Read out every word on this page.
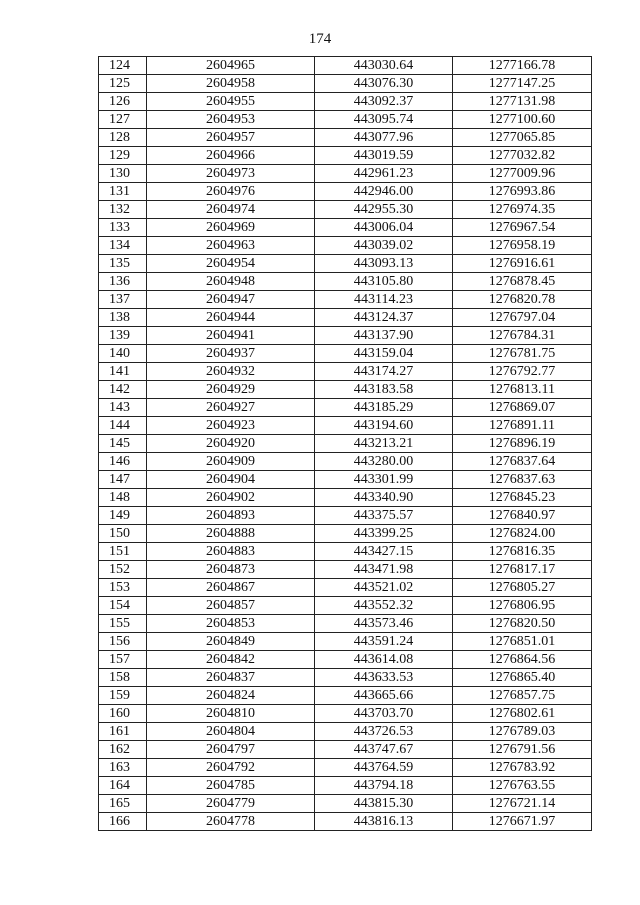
174
124	2604965	443030.64	1277166.78
125	2604958	443076.30	1277147.25
126	2604955	443092.37	1277131.98
127	2604953	443095.74	1277100.60
128	2604957	443077.96	1277065.85
129	2604966	443019.59	1277032.82
130	2604973	442961.23	1277009.96
131	2604976	442946.00	1276993.86
132	2604974	442955.30	1276974.35
133	2604969	443006.04	1276967.54
134	2604963	443039.02	1276958.19
135	2604954	443093.13	1276916.61
136	2604948	443105.80	1276878.45
137	2604947	443114.23	1276820.78
138	2604944	443124.37	1276797.04
139	2604941	443137.90	1276784.31
140	2604937	443159.04	1276781.75
141	2604932	443174.27	1276792.77
142	2604929	443183.58	1276813.11
143	2604927	443185.29	1276869.07
144	2604923	443194.60	1276891.11
145	2604920	443213.21	1276896.19
146	2604909	443280.00	1276837.64
147	2604904	443301.99	1276837.63
148	2604902	443340.90	1276845.23
149	2604893	443375.57	1276840.97
150	2604888	443399.25	1276824.00
151	2604883	443427.15	1276816.35
152	2604873	443471.98	1276817.17
153	2604867	443521.02	1276805.27
154	2604857	443552.32	1276806.95
155	2604853	443573.46	1276820.50
156	2604849	443591.24	1276851.01
157	2604842	443614.08	1276864.56
158	2604837	443633.53	1276865.40
159	2604824	443665.66	1276857.75
160	2604810	443703.70	1276802.61
161	2604804	443726.53	1276789.03
162	2604797	443747.67	1276791.56
163	2604792	443764.59	1276783.92
164	2604785	443794.18	1276763.55
165	2604779	443815.30	1276721.14
166	2604778	443816.13	1276671.97
